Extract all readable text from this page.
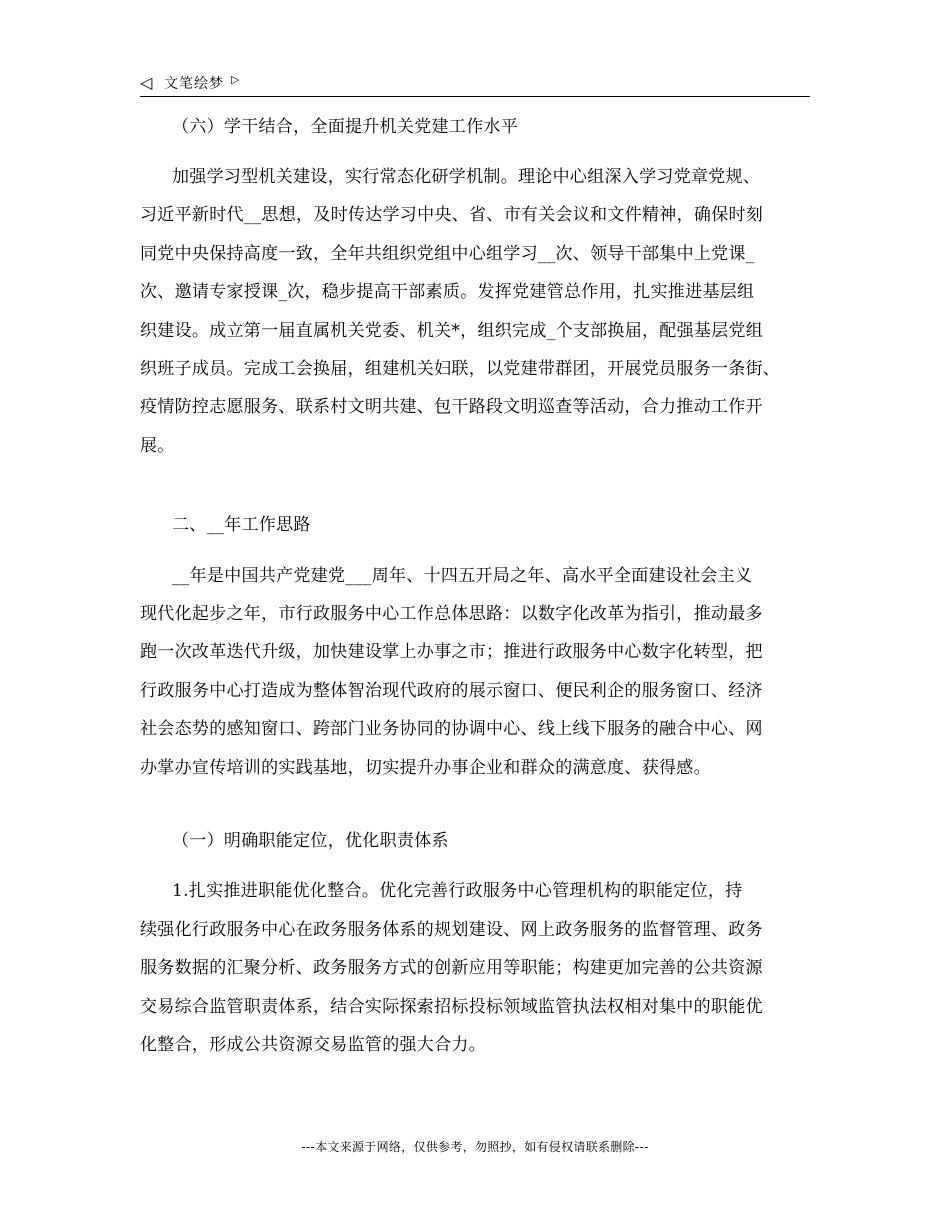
◁ 文笔绘梦 ▷
（六）学干结合，全面提升机关党建工作水平
加强学习型机关建设，实行常态化研学机制。理论中心组深入学习党章党规、
习近平新时代__思想，及时传达学习中央、省、市有关会议和文件精神，确保时刻
同党中央保持高度一致，全年共组织党组中心组学习__次、领导干部集中上党课_
次、邀请专家授课_次，稳步提高干部素质。发挥党建管总作用，扎实推进基层组
织建设。成立第一届直属机关党委、机关*，组织完成_个支部换届，配强基层党组
织班子成员。完成工会换届，组建机关妇联，以党建带群团，开展党员服务一条街、
疫情防控志愿服务、联系村文明共建、包干路段文明巡查等活动，合力推动工作开
展。
二、__年工作思路
__年是中国共产党建党___周年、十四五开局之年、高水平全面建设社会主义
现代化起步之年，市行政服务中心工作总体思路：以数字化改革为指引，推动最多
跑一次改革迭代升级，加快建设掌上办事之市；推进行政服务中心数字化转型，把
行政服务中心打造成为整体智治现代政府的展示窗口、便民利企的服务窗口、经济
社会态势的感知窗口、跨部门业务协同的协调中心、线上线下服务的融合中心、网
办掌办宣传培训的实践基地，切实提升办事企业和群众的满意度、获得感。
（一）明确职能定位，优化职责体系
1.扎实推进职能优化整合。优化完善行政服务中心管理机构的职能定位，持
续强化行政服务中心在政务服务体系的规划建设、网上政务服务的监督管理、政务
服务数据的汇聚分析、政务服务方式的创新应用等职能；构建更加完善的公共资源
交易综合监管职责体系，结合实际探索招标投标领域监管执法权相对集中的职能优
化整合，形成公共资源交易监管的强大合力。
---本文来源于网络，仅供参考，勿照抄，如有侵权请联系删除---
